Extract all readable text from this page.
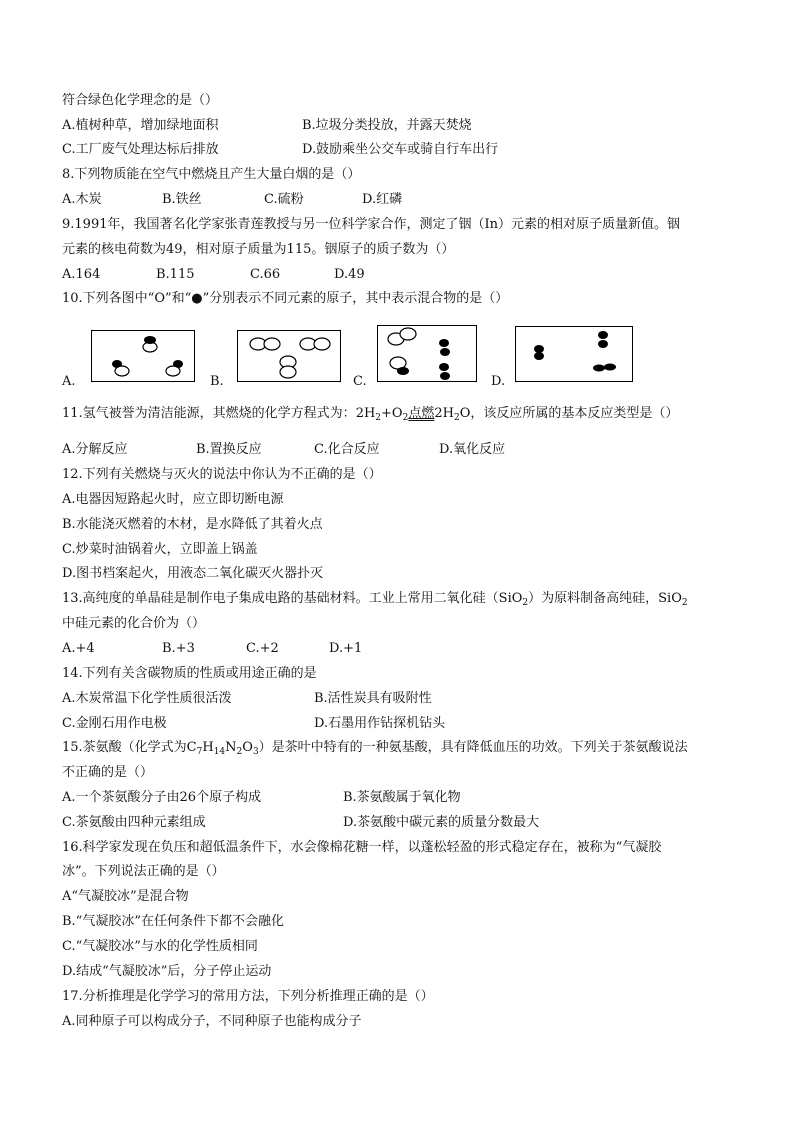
符合绿色化学理念的是（）
A.植树种草，增加绿地面积	B.垃圾分类投放，并露天焚烧
C.工厂废气处理达标后排放	D.鼓励乘坐公交车或骑自行车出行
8.下列物质能在空气中燃烧且产生大量白烟的是（）
A.木炭	B.铁丝	C.硫粉	D.红磷
9.1991年，我国著名化学家张青莲教授与另一位科学家合作，测定了铟（In）元素的相对原子质量新值。铟
元素的核电荷数为49，相对原子质量为115。铟原子的质子数为（）
A.164	B.115	C.66	D.49
10.下列各图中“O”和“●”分别表示不同元素的原子，其中表示混合物的是（）
A.	B.	C.	D.
11.氢气被誉为清洁能源，其燃烧的化学方程式为：$2H_2+O_2$点燃$2H_2O$，该反应所属的基本反应类型是（）
A.分解反应	B.置换反应	C.化合反应	D.氧化反应
12.下列有关燃烧与灭火的说法中你认为不正确的是（）
A.电器因短路起火时，应立即切断电源
B.水能浇灭燃着的木材，是水降低了其着火点
C.炒菜时油锅着火，立即盖上锅盖
D.图书档案起火，用液态二氧化碳灭火器扑灭
13.高纯度的单晶硅是制作电子集成电路的基础材料。工业上常用二氧化硅（SiO$_2$）为原料制备高纯硅，SiO$_2$
中硅元素的化合价为（）
A.+4	B.+3	C.+2	D.+1
14.下列有关含碳物质的性质或用途正确的是
A.木炭常温下化学性质很活泼	B.活性炭具有吸附性
C.金刚石用作电极	D.石墨用作钻探机钻头
15.茶氨酸（化学式为$C_7H_{14}N_2O_3$）是茶叶中特有的一种氨基酸，具有降低血压的功效。下列关于茶氨酸说法
不正确的是（）
A.一个茶氨酸分子由26个原子构成	B.茶氨酸属于氧化物
C.茶氨酸由四种元素组成	D.茶氨酸中碳元素的质量分数最大
16.科学家发现在负压和超低温条件下，水会像棉花糖一样，以蓬松轻盈的形式稳定存在，被称为“气凝胶
冰”。下列说法正确的是（）
A“气凝胶冰”是混合物
B.“气凝胶冰”在任何条件下都不会融化
C.“气凝胶冰”与水的化学性质相同
D.结成“气凝胶冰”后，分子停止运动
17.分析推理是化学学习的常用方法，下列分析推理正确的是（）
A.同种原子可以构成分子，不同种原子也能构成分子
